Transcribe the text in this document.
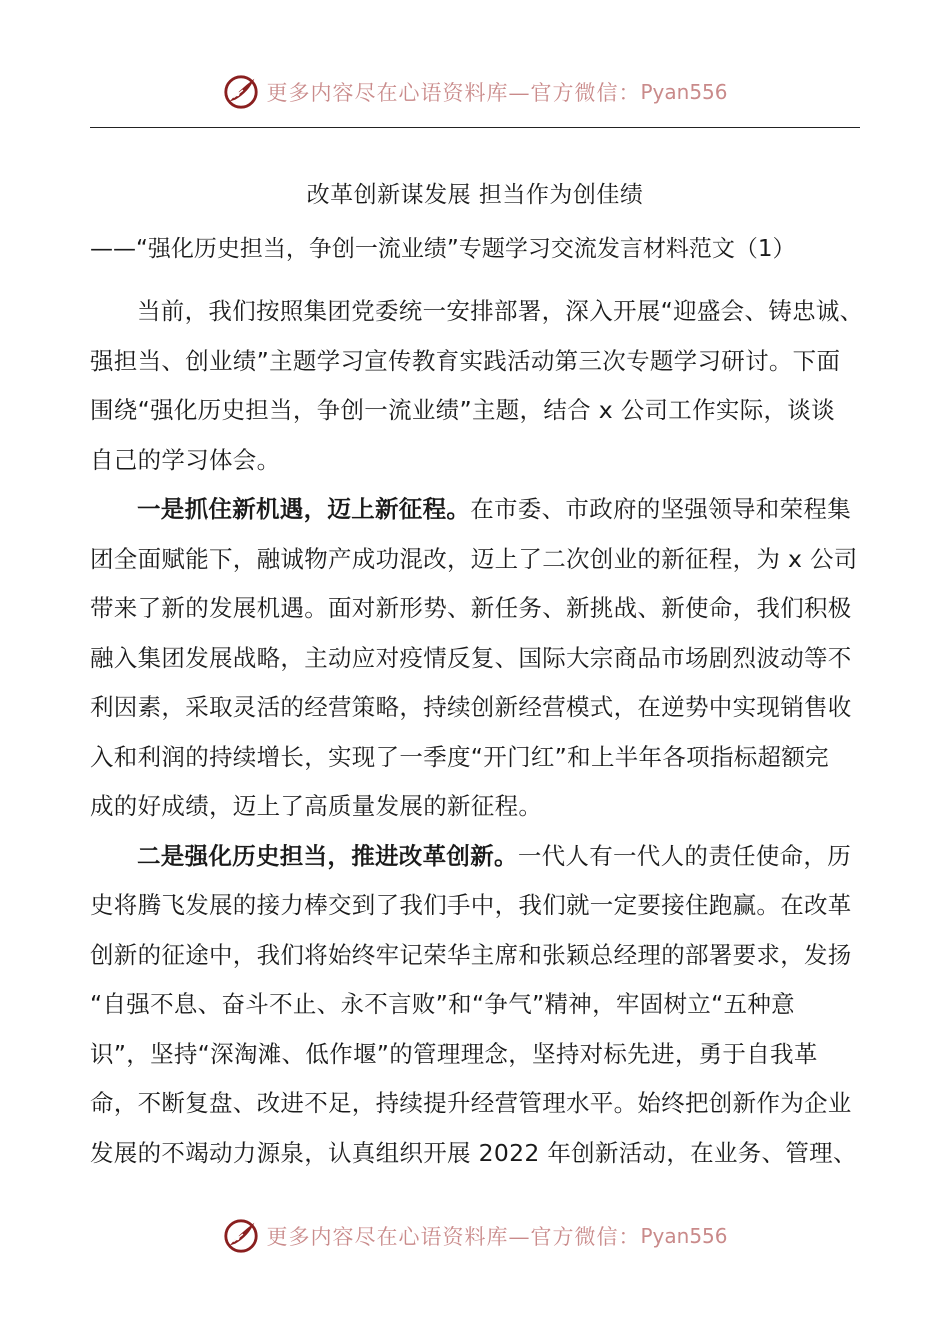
更多内容尽在心语资料库—官方微信： Pyan556
改革创新谋发展 担当作为创佳绩
——“强化历史担当，争创一流业绩”专题学习交流发言材料范文（1）
当前，我们按照集团党委统一安排部署，深入开展“迎盛会、铸忠诚、
强担当、创业绩”主题学习宣传教育实践活动第三次专题学习研讨。下面
围绕“强化历史担当，争创一流业绩”主题，结合 x 公司工作实际，谈谈
自己的学习体会。
一是抓住新机遇，迈上新征程。在市委、市政府的坚强领导和荣程集
团全面赋能下，融诚物产成功混改，迈上了二次创业的新征程，为 x 公司
带来了新的发展机遇。面对新形势、新任务、新挑战、新使命，我们积极
融入集团发展战略，主动应对疫情反复、国际大宗商品市场剧烈波动等不
利因素，采取灵活的经营策略，持续创新经营模式，在逆势中实现销售收
入和利润的持续增长，实现了一季度“开门红”和上半年各项指标超额完
成的好成绩，迈上了高质量发展的新征程。
二是强化历史担当，推进改革创新。一代人有一代人的责任使命，历
史将腾飞发展的接力棒交到了我们手中，我们就一定要接住跑赢。在改革
创新的征途中，我们将始终牢记荣华主席和张颖总经理的部署要求，发扬
“自强不息、奋斗不止、永不言败”和“争气”精神，牢固树立“五种意
识”，坚持“深淘滩、低作堰”的管理理念，坚持对标先进，勇于自我革
命，不断复盘、改进不足，持续提升经营管理水平。始终把创新作为企业
发展的不竭动力源泉，认真组织开展 2022 年创新活动，在业务、管理、
更多内容尽在心语资料库—官方微信： Pyan556
